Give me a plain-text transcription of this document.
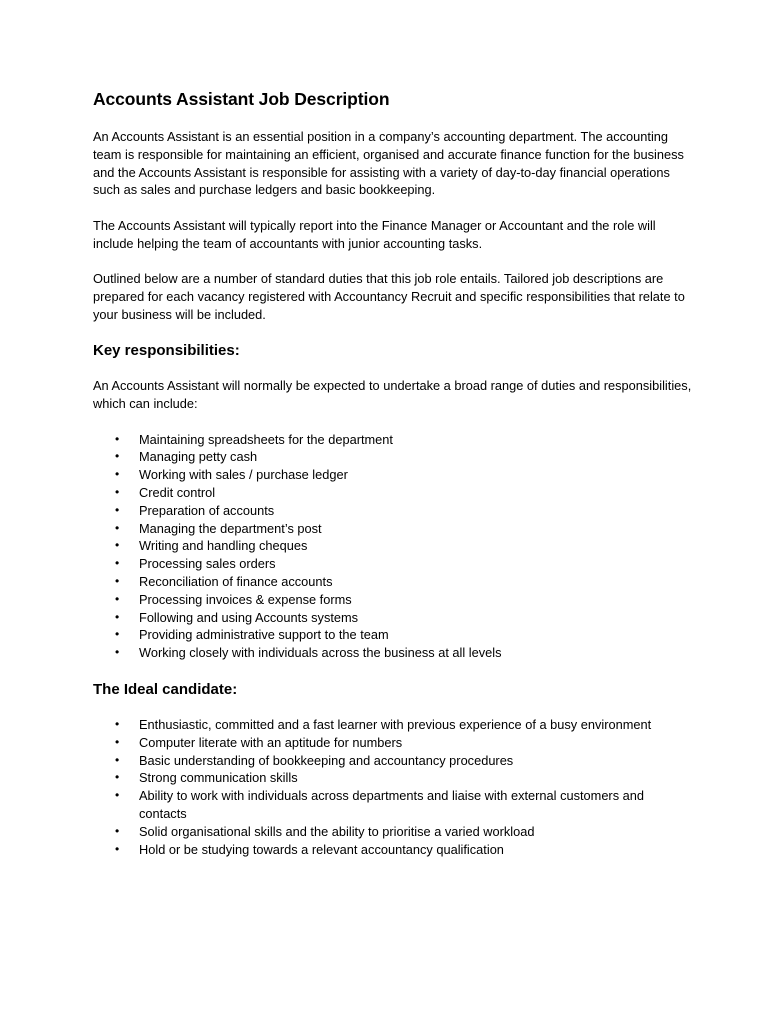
Accounts Assistant Job Description

An Accounts Assistant is an essential position in a company’s accounting department. The accounting team is responsible for maintaining an efficient, organised and accurate finance function for the business and the Accounts Assistant is responsible for assisting with a variety of day-to-day financial operations such as sales and purchase ledgers and basic bookkeeping.

The Accounts Assistant will typically report into the Finance Manager or Accountant and the role will include helping the team of accountants with junior accounting tasks.

Outlined below are a number of standard duties that this job role entails. Tailored job descriptions are prepared for each vacancy registered with Accountancy Recruit and specific responsibilities that relate to your business will be included.

Key responsibilities:

An Accounts Assistant will normally be expected to undertake a broad range of duties and responsibilities, which can include:

• Maintaining spreadsheets for the department
• Managing petty cash
• Working with sales / purchase ledger
• Credit control
• Preparation of accounts
• Managing the department’s post
• Writing and handling cheques
• Processing sales orders
• Reconciliation of finance accounts
• Processing invoices & expense forms
• Following and using Accounts systems
• Providing administrative support to the team
• Working closely with individuals across the business at all levels
The Ideal candidate:
• Enthusiastic, committed and a fast learner with previous experience of a busy environment
• Computer literate with an aptitude for numbers
• Basic understanding of bookkeeping and accountancy procedures
• Strong communication skills
• Ability to work with individuals across departments and liaise with external customers and contacts
• Solid organisational skills and the ability to prioritise a varied workload
• Hold or be studying towards a relevant accountancy qualification
